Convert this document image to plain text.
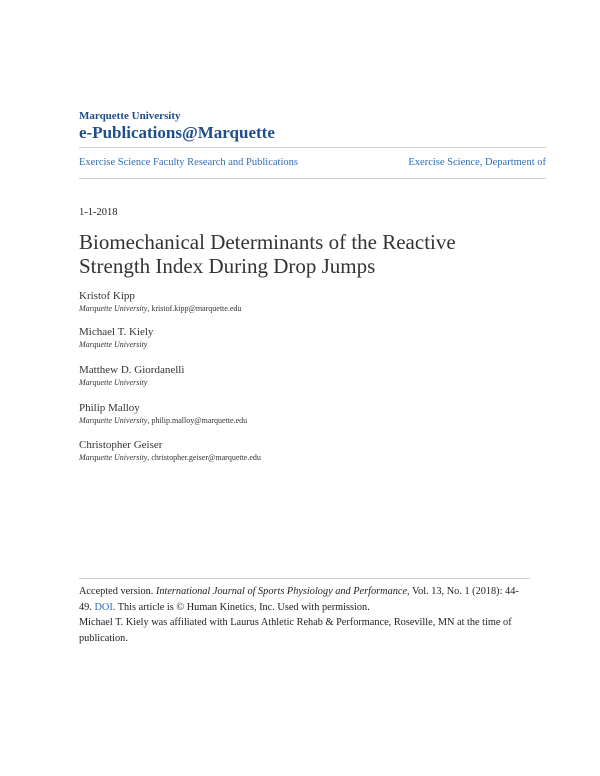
Marquette University
e-Publications@Marquette
Exercise Science Faculty Research and Publications	Exercise Science, Department of
1-1-2018
Biomechanical Determinants of the Reactive
Strength Index During Drop Jumps
Kristof Kipp
Marquette University, kristof.kipp@marquette.edu
Michael T. Kiely
Marquette University
Matthew D. Giordanelli
Marquette University
Philip Malloy
Marquette University, philip.malloy@marquette.edu
Christopher Geiser
Marquette University, christopher.geiser@marquette.edu
Accepted version. International Journal of Sports Physiology and Performance, Vol. 13, No. 1 (2018): 44-49. DOI. This article is © Human Kinetics, Inc. Used with permission.
Michael T. Kiely was affiliated with Laurus Athletic Rehab & Performance, Roseville, MN at the time of publication.
